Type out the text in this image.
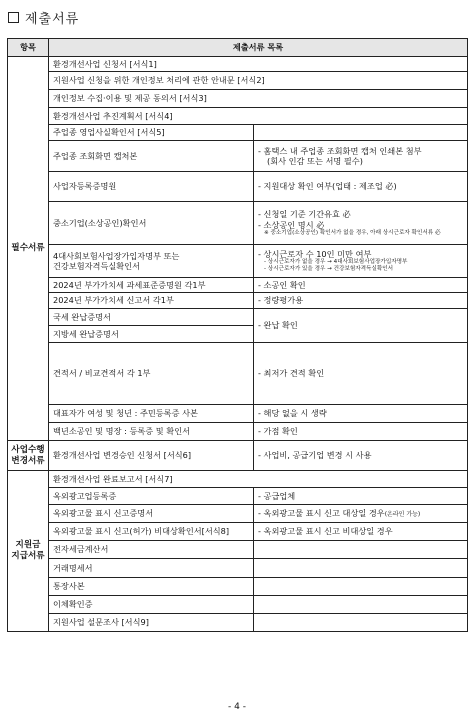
제출서류
항목	제출서류 목록	
필수서류	환경개선사업 신청서 [서식1]	
	지원사업 신청을 위한 개인정보 처리에 관한 안내문 [서식2]	
	개인정보 수집·이용 및 제공 동의서 [서식3]	
	환경개선사업 추진계획서 [서식4]	
	주업종 영업사실확인서 [서식5]	
	주업종 조회화면 캡처본	- 홈택스 내 주업종 조회화면 캡처 인쇄본 첨부
(회사 인감 또는 서명 필수)

	사업자등록증명원	- 지원대상 확인 여부(업태 : 제조업 必)
	중소기업(소상공인)확인서	- 신청일 기준 기간유효 必
- 소상공인 명시 必
※ 중소기업(소상공인) 확인서가 없을 경우, 아래 상시근로자 확인서류 必

	4대사회보험사업장가입자명부 또는
건강보험자격득실확인서	- 상시근로자 수 10인 미만 여부
- 상시근로자가 없을 경우 → 4대사회보험사업장가입자명부
- 상시근로자가 있을 경우 → 건강보험자격득실확인서

	2024년 부가가치세 과세표준증명원 각1부	- 소공인 확인
	2024년 부가가치세 신고서 각1부	- 정량평가용
	국세 완납증명서	- 완납 확인
	지방세 완납증명서	
	견적서 / 비교견적서 각 1부	- 최저가 견적 확인
	대표자가 여성 및 청년 : 주민등록증 사본	- 해당 없을 시 생략
	백년소공인 및 명장 : 등록증 및 확인서	- 가점 확인

사업수행
변경서류	환경개선사업 변경승인 신청서 [서식6]	- 사업비, 공급기업 변경 시 사용

지원금
지급서류	환경개선사업 완료보고서 [서식7]	
	옥외광고업등록증	- 공급업체
	옥외광고물 표시 신고증명서	- 옥외광고물 표시 신고 대상일 경우(온라인 가능)
	옥외광고물 표시 신고(허가) 비대상확인서[서식8]	- 옥외광고물 표시 신고 비대상일 경우
	전자세금계산서	
	거래명세서	
	통장사본	
	이체확인증	
	지원사업 설문조사 [서식9]	
- 4 -
